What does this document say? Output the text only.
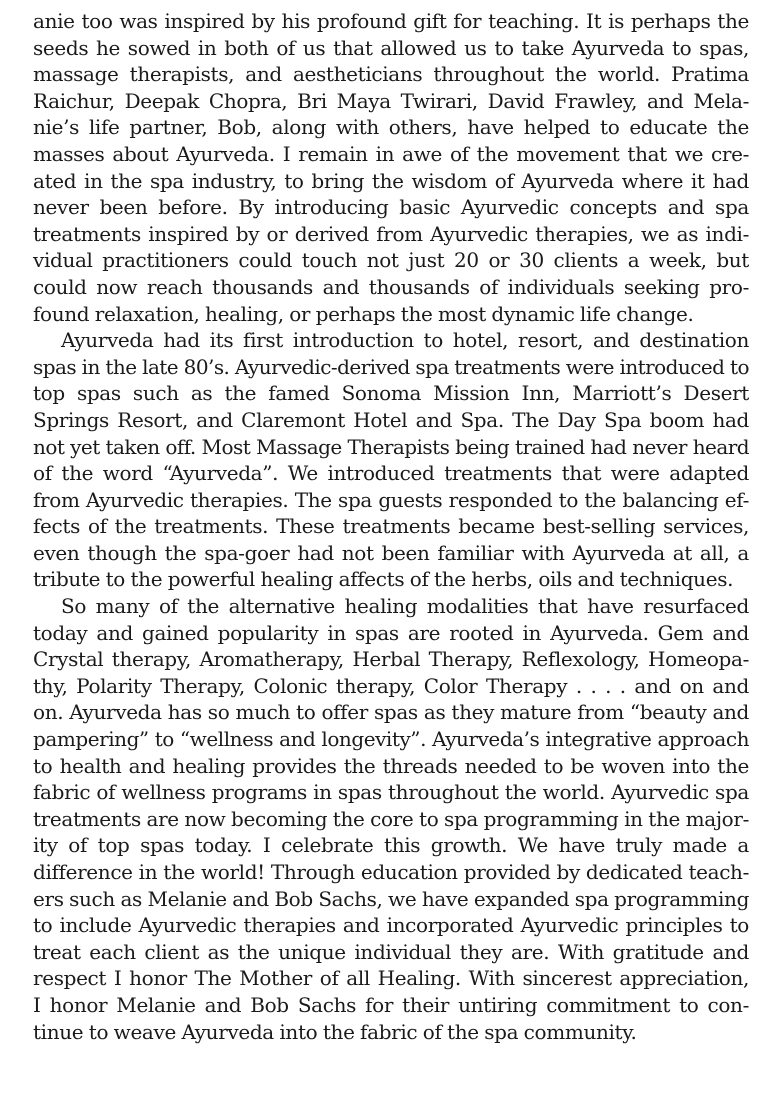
anie too was inspired by his profound gift for teaching. It is perhaps the
seeds he sowed in both of us that allowed us to take Ayurveda to spas,
massage therapists, and aestheticians throughout the world. Pratima
Raichur, Deepak Chopra, Bri Maya Twirari, David Frawley, and Mela-
nie’s life partner, Bob, along with others, have helped to educate the
masses about Ayurveda. I remain in awe of the movement that we cre-
ated in the spa industry, to bring the wisdom of Ayurveda where it had
never been before. By introducing basic Ayurvedic concepts and spa
treatments inspired by or derived from Ayurvedic therapies, we as indi-
vidual practitioners could touch not just 20 or 30 clients a week, but
could now reach thousands and thousands of individuals seeking pro-
found relaxation, healing, or perhaps the most dynamic life change.
Ayurveda had its first introduction to hotel, resort, and destination
spas in the late 80’s. Ayurvedic-derived spa treatments were introduced to
top spas such as the famed Sonoma Mission Inn, Marriott’s Desert
Springs Resort, and Claremont Hotel and Spa. The Day Spa boom had
not yet taken off. Most Massage Therapists being trained had never heard
of the word “Ayurveda”. We introduced treatments that were adapted
from Ayurvedic therapies. The spa guests responded to the balancing ef-
fects of the treatments. These treatments became best-selling services,
even though the spa-goer had not been familiar with Ayurveda at all, a
tribute to the powerful healing affects of the herbs, oils and techniques.
So many of the alternative healing modalities that have resurfaced
today and gained popularity in spas are rooted in Ayurveda. Gem and
Crystal therapy, Aromatherapy, Herbal Therapy, Reflexology, Homeopa-
thy, Polarity Therapy, Colonic therapy, Color Therapy . . . . and on and
on. Ayurveda has so much to offer spas as they mature from “beauty and
pampering” to “wellness and longevity”. Ayurveda’s integrative approach
to health and healing provides the threads needed to be woven into the
fabric of wellness programs in spas throughout the world. Ayurvedic spa
treatments are now becoming the core to spa programming in the major-
ity of top spas today. I celebrate this growth. We have truly made a
difference in the world! Through education provided by dedicated teach-
ers such as Melanie and Bob Sachs, we have expanded spa programming
to include Ayurvedic therapies and incorporated Ayurvedic principles to
treat each client as the unique individual they are. With gratitude and
respect I honor The Mother of all Healing. With sincerest appreciation,
I honor Melanie and Bob Sachs for their untiring commitment to con-
tinue to weave Ayurveda into the fabric of the spa community.
